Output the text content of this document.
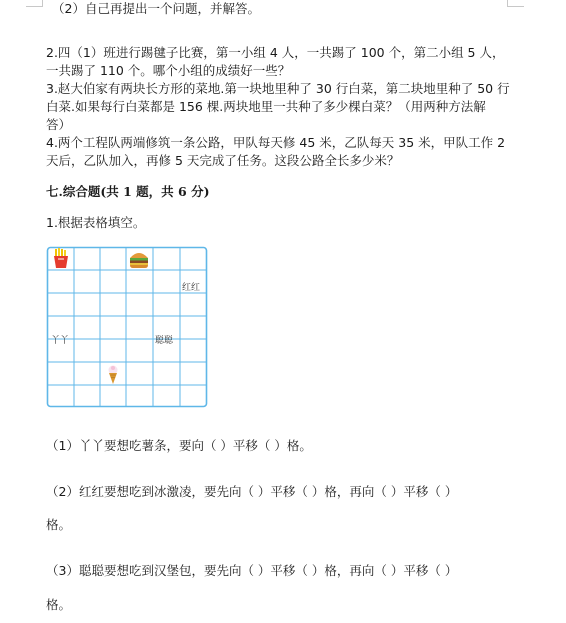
（2）自己再提出一个问题，并解答。
2.四（1）班进行踢毽子比赛，第一小组 4 人，一共踢了 100 个，第二小组 5 人，
一共踢了 110 个。哪个小组的成绩好一些？
3.赵大伯家有两块长方形的菜地.第一块地里种了 30 行白菜，第二块地里种了 50 行
白菜.如果每行白菜都是 156 棵.两块地里一共种了多少棵白菜？（用两种方法解
答）
4.两个工程队两端修筑一条公路，甲队每天修 45 米，乙队每天 35 米，甲队工作 2
天后，乙队加入，再修 5 天完成了任务。这段公路全长多少米？
七.综合题(共 1 题，共 6 分)
1.根据表格填空。
红红
丫丫	聪聪
（1）丫丫要想吃薯条，要向（ ）平移（ ）格。
（2）红红要想吃到冰激凌，要先向（ ）平移（ ）格，再向（ ）平移（ ）
格。
（3）聪聪要想吃到汉堡包，要先向（ ）平移（ ）格，再向（ ）平移（ ）
格。
